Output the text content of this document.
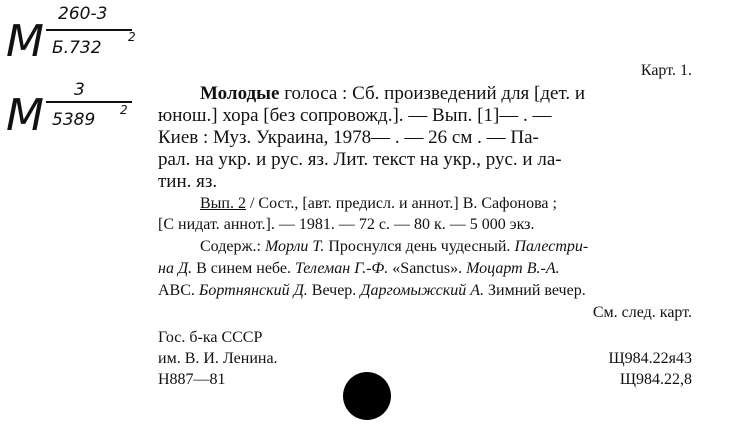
М
260-3
Б.732
2
М 3
5389 2
Карт. 1.
Молодые голоса : Сб. произведений для [дет. и
юнош.] хора [без сопровожд.]. — Вып. [1]— . —
Киев : Муз. Украина, 1978— . — 26 см . — Па-
рал. на укр. и рус. яз. Лит. текст на укр., рус. и ла-
тин. яз.
Вып. 2 / Сост., [авт. предисл. и аннот.] В. Сафонова ;
[С нидат. аннот.]. — 1981. — 72 с. — 80 к. — 5 000 экз.
Содерж.: Морли Т. Проснулся день чудесный. Палестри-
на Д. В синем небе. Телеман Г.-Ф. «Sanctus». Моцарт В.-А.
ABC. Бортнянский Д. Вечер. Даргомыжский А. Зимний вечер.
См. след. карт.
Гос. б-ка СССР
им. В. И. Ленина.
Н887—81
Щ984.22я43
Щ984.22,8
